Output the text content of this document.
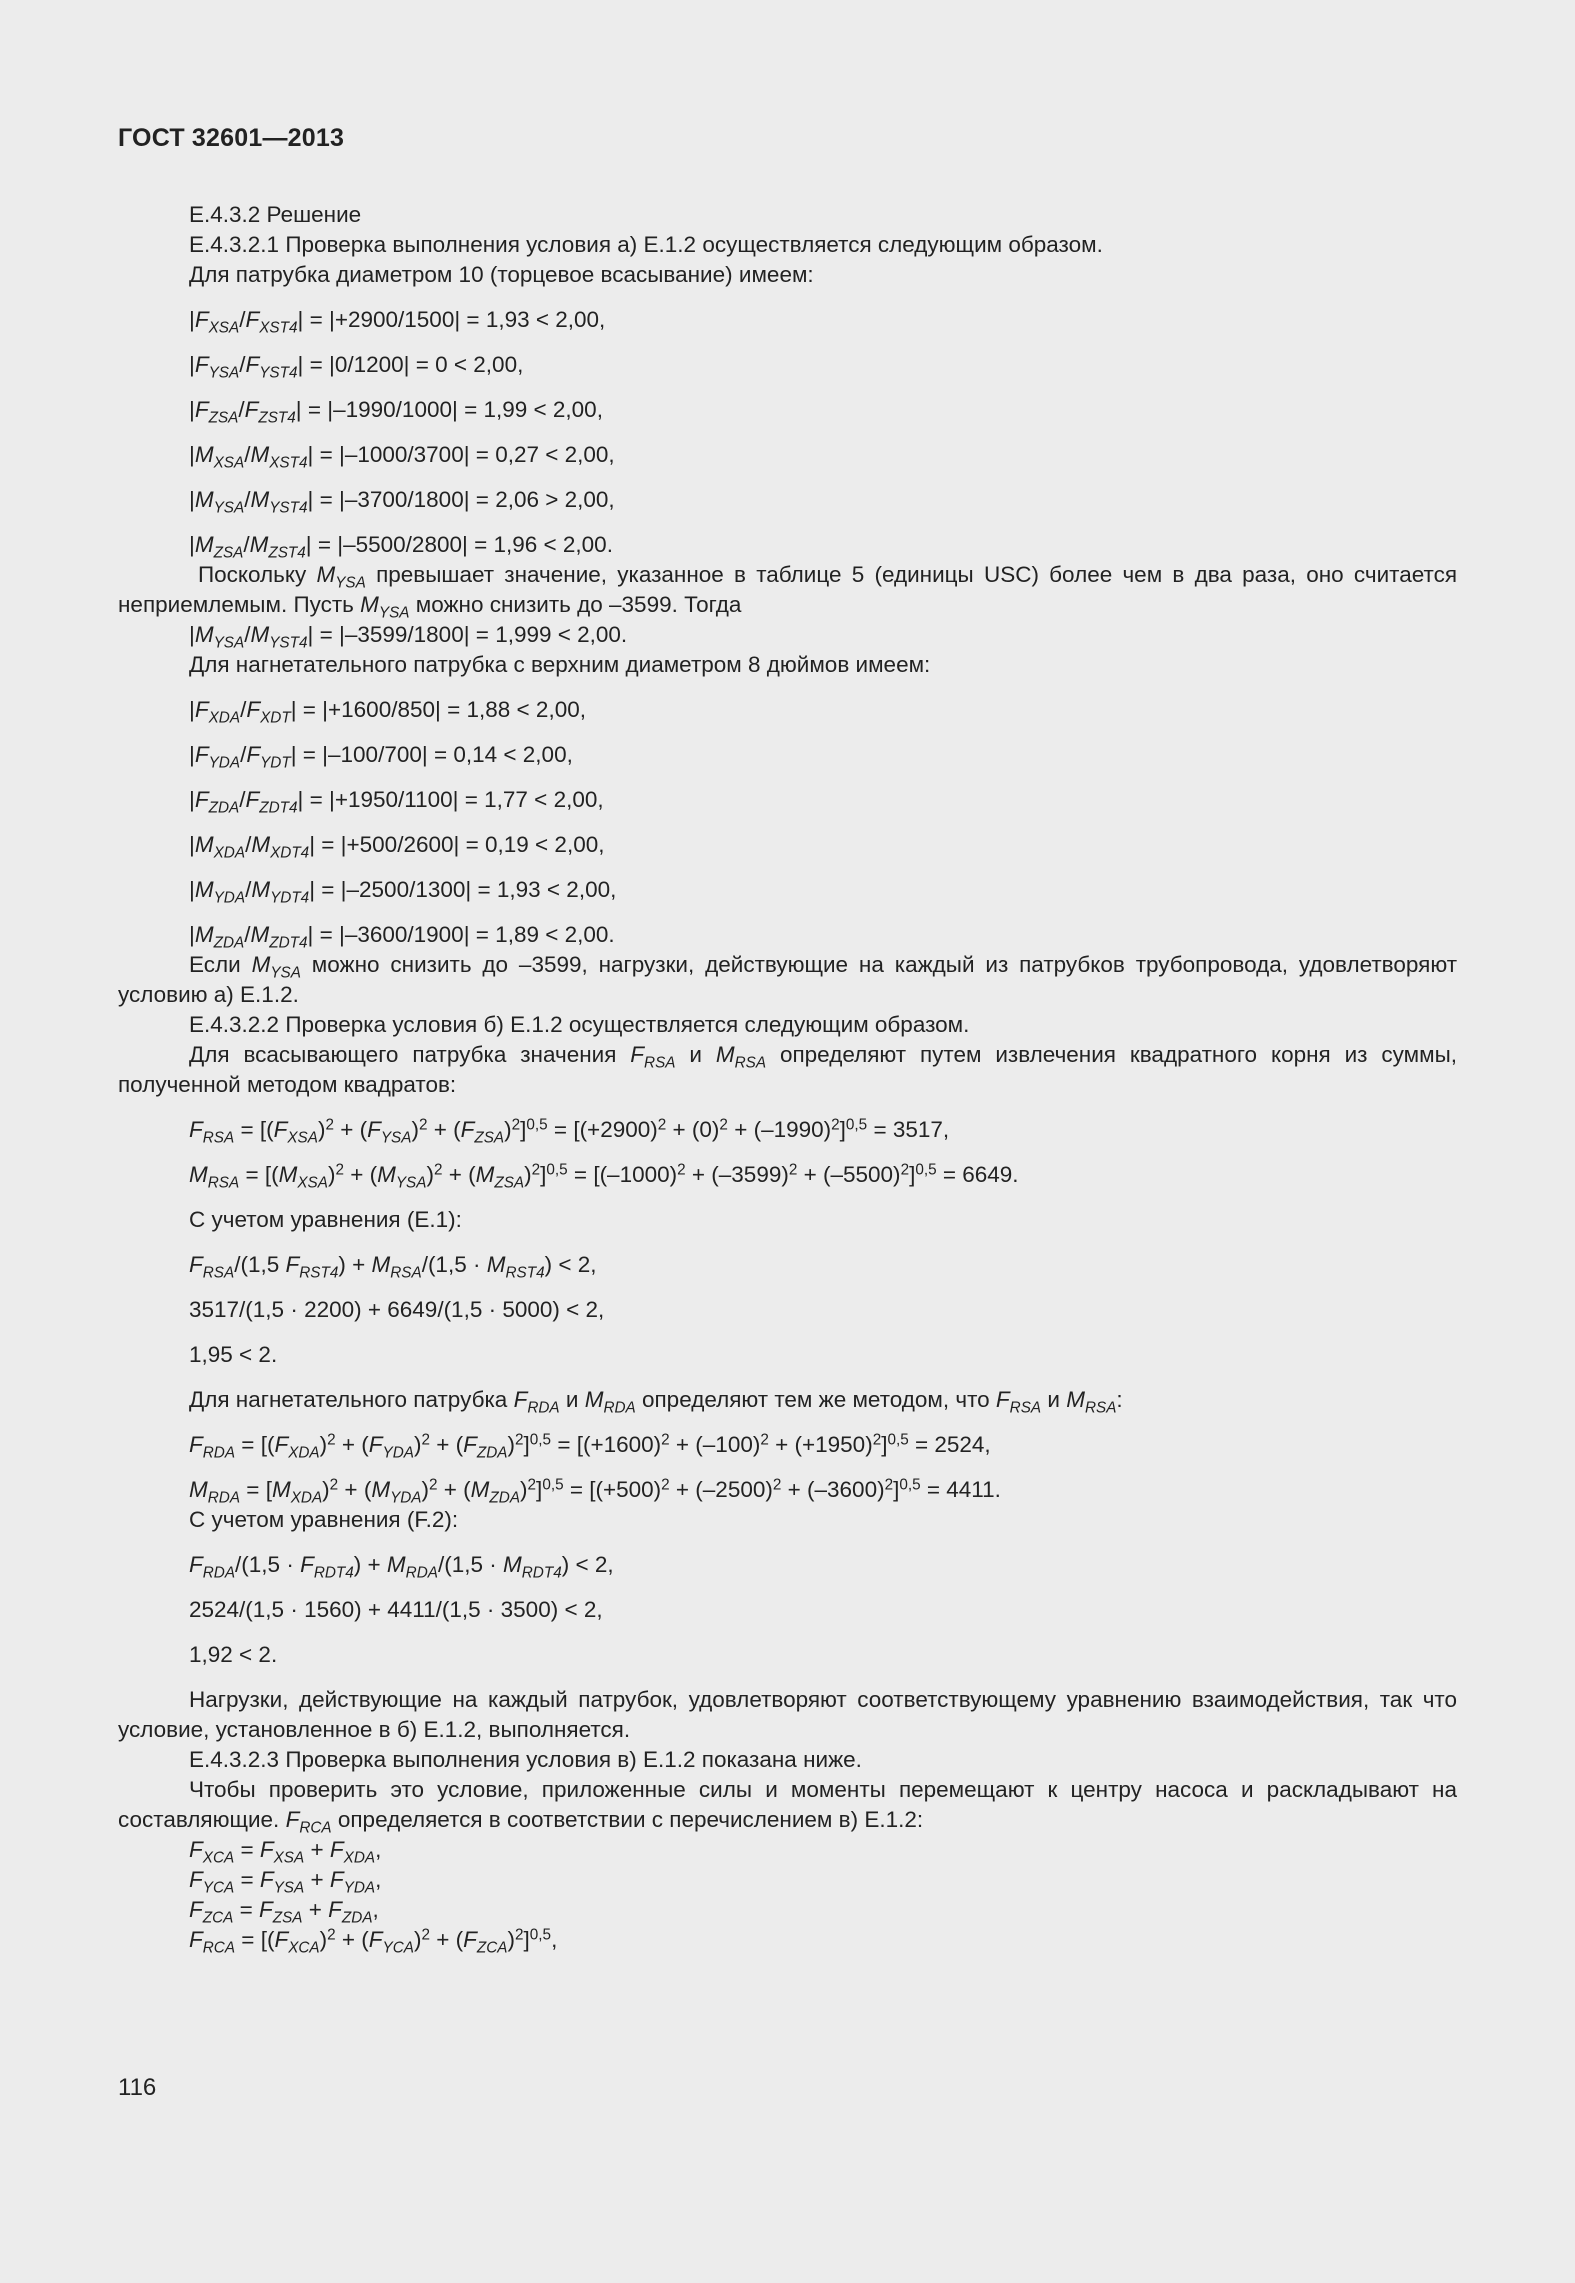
ГОСТ 32601—2013

E.4.3.2 Решение

E.4.3.2.1 Проверка выполнения условия а) Е.1.2 осуществляется следующим образом.

Для патрубка диаметром 10 (торцевое всасывание) имеем:

$|F_{XSA}/F_{XST4}| = |+2900/1500| = 1,93 < 2,00$,

$|F_{YSA}/F_{YST4}| = |0/1200| = 0 < 2,00$,

$|F_{ZSA}/F_{ZST4}| = |-1990/1000| = 1,99 < 2,00$,

$|M_{XSA}/M_{XST4}| = |-1000/3700| = 0,27 < 2,00$,

$|M_{YSA}/M_{YST4}| = |-3700/1800| = 2,06 > 2,00$,

$|M_{ZSA}/M_{ZST4}| = |-5500/2800| = 1,96 < 2,00$.

Поскольку $M_{YSA}$ превышает значение, указанное в таблице 5 (единицы USC) более чем в два раза, оно считается неприемлемым. Пусть $M_{YSA}$ можно снизить до –3599. Тогда

$|M_{YSA}/M_{YST4}| = |-3599/1800| = 1,999 < 2,00$.

Для нагнетательного патрубка с верхним диаметром 8 дюймов имеем:

$|F_{XDA}/F_{XDT}| = |+1600/850| = 1,88 < 2,00$,

$|F_{YDA}/F_{YDT}| = |-100/700| = 0,14 < 2,00$,

$|F_{ZDA}/F_{ZDT4}| = |+1950/1100| = 1,77 < 2,00$,

$|M_{XDA}/M_{XDT4}| = |+500/2600| = 0,19 < 2,00$,

$|M_{YDA}/M_{YDT4}| = |-2500/1300| = 1,93 < 2,00$,

$|M_{ZDA}/M_{ZDT4}| = |-3600/1900| = 1,89 < 2,00$.

Если $M_{YSA}$ можно снизить до –3599, нагрузки, действующие на каждый из патрубков трубопровода, удовлетворяют условию а) Е.1.2.

E.4.3.2.2 Проверка условия б) Е.1.2 осуществляется следующим образом.

Для всасывающего патрубка значения $F_{RSA}$ и $M_{RSA}$ определяют путем извлечения квадратного корня из суммы, полученной методом квадратов:

$F_{RSA} = [(F_{XSA})^2 + (F_{YSA})^2 + (F_{ZSA})^2]^{0,5} = [(+2900)^2 + (0)^2 + (-1990)^2]^{0,5} = 3517$,

$M_{RSA} = [(M_{XSA})^2 + (M_{YSA})^2 + (M_{ZSA})^2]^{0,5} = [(-1000)^2 + (-3599)^2 + (-5500)^2]^{0,5} = 6649$.

С учетом уравнения (Е.1):

$F_{RSA}/(1,5$ $F_{RST4}) + M_{RSA}/(1,5 \cdot M_{RST4}) < 2$,

3517/(1,5 · 2200) + 6649/(1,5 · 5000) < 2,

1,95 < 2.

Для нагнетательного патрубка $F_{RDA}$ и $M_{RDA}$ определяют тем же методом, что $F_{RSA}$ и $M_{RSA}$:

$F_{RDA} = [(F_{XDA})^2 + (F_{YDA})^2 + (F_{ZDA})^2]^{0,5} = [(+1600)^2 + (-100)^2 + (+1950)^2]^{0,5} = 2524$,

$M_{RDA} = [M_{XDA})^2 + (M_{YDA})^2 + (M_{ZDA})^2]^{0,5} = [(+500)^2 + (-2500)^2 + (-3600)^2]^{0,5} = 4411$.

С учетом уравнения (F.2):

$F_{RDA}/(1,5 \cdot F_{RDT4}) + M_{RDA}/(1,5 \cdot M_{RDT4}) < 2$,

2524/(1,5 · 1560) + 4411/(1,5 · 3500) < 2,

1,92 < 2.

Нагрузки, действующие на каждый патрубок, удовлетворяют соответствующему уравнению взаимодействия, так что условие, установленное в б) Е.1.2, выполняется.

E.4.3.2.3 Проверка выполнения условия в) Е.1.2 показана ниже.

Чтобы проверить это условие, приложенные силы и моменты перемещают к центру насоса и раскладывают на составляющие. $F_{RCA}$ определяется в соответствии с перечислением в) Е.1.2:

$F_{XCA} = F_{XSA} + F_{XDA}$,

$F_{YCA} = F_{YSA} + F_{YDA}$,

$F_{ZCA} = F_{ZSA} + F_{ZDA}$,

$F_{RCA} = [(F_{XCA})^2 + (F_{YCA})^2 + (F_{ZCA})^2]^{0,5}$,

116
